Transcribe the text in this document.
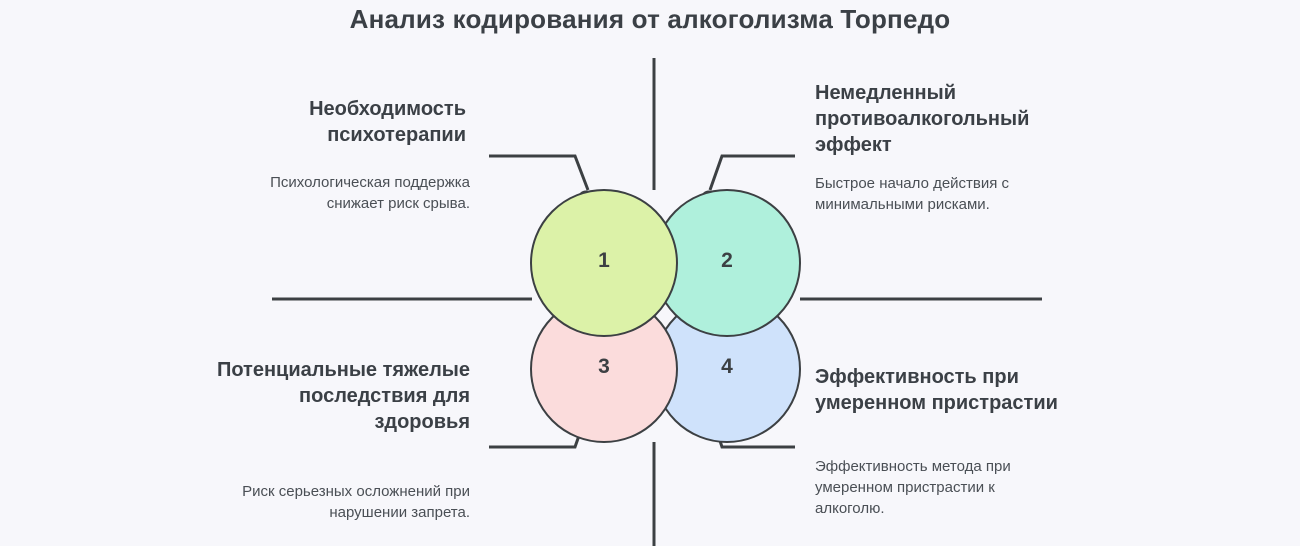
Анализ кодирования от алкоголизма Торпедо
1	2
3	4
Необходимость психотерапии
Психологическая поддержка снижает риск срыва.
Немедленный противоалкогольный эффект
Быстрое начало действия с минимальными рисками.
Потенциальные тяжелые последствия для здоровья
Риск серьезных осложнений при нарушении запрета.
Эффективность при умеренном пристрастии
Эффективность метода при умеренном пристрастии к алкоголю.
